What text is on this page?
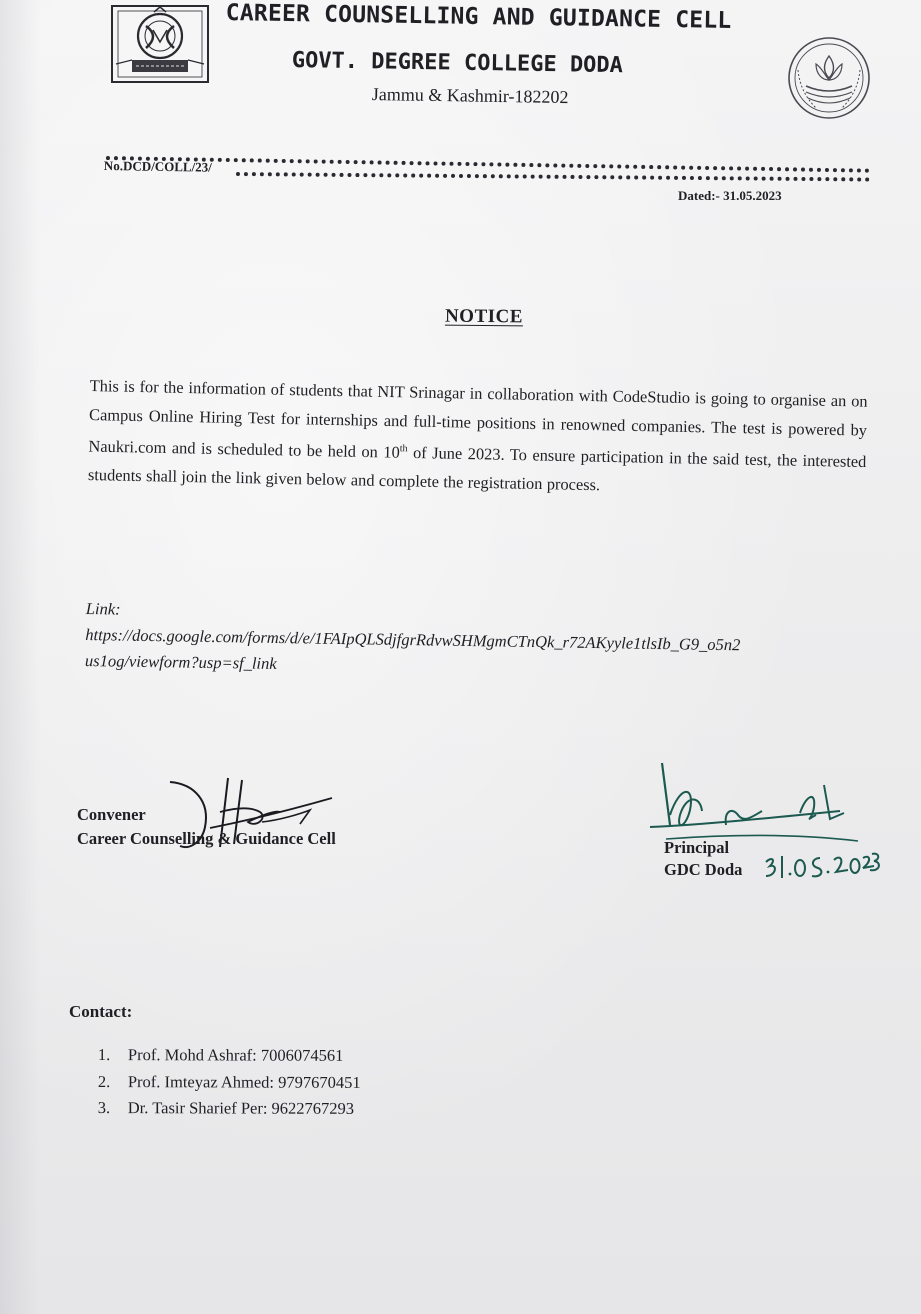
CAREER COUNSELLING AND GUIDANCE CELL
GOVT. DEGREE COLLEGE DODA
Jammu & Kashmir-182202
No.DCD/COLL/23/
Dated:- 31.05.2023
NOTICE
This is for the information of students that NIT Srinagar in collaboration with CodeStudio is going to organise an on Campus Online Hiring Test for internships and full-time positions in renowned companies. The test is powered by Naukri.com and is scheduled to be held on 10th of June 2023. To ensure participation in the said test, the interested students shall join the link given below and complete the registration process.
Link:
https://docs.google.com/forms/d/e/1FAIpQLSdjfgrRdvwSHMgmCTnQk_r72AKyyle1tlsIb_G9_o5n2
us1og/viewform?usp=sf_link
Convener
Career Counselling & Guidance Cell	Principal
GDC Doda
Contact:
1. Prof. Mohd Ashraf: 7006074561
2. Prof. Imteyaz Ahmed: 9797670451
3. Dr. Tasir Sharief Per: 9622767293
